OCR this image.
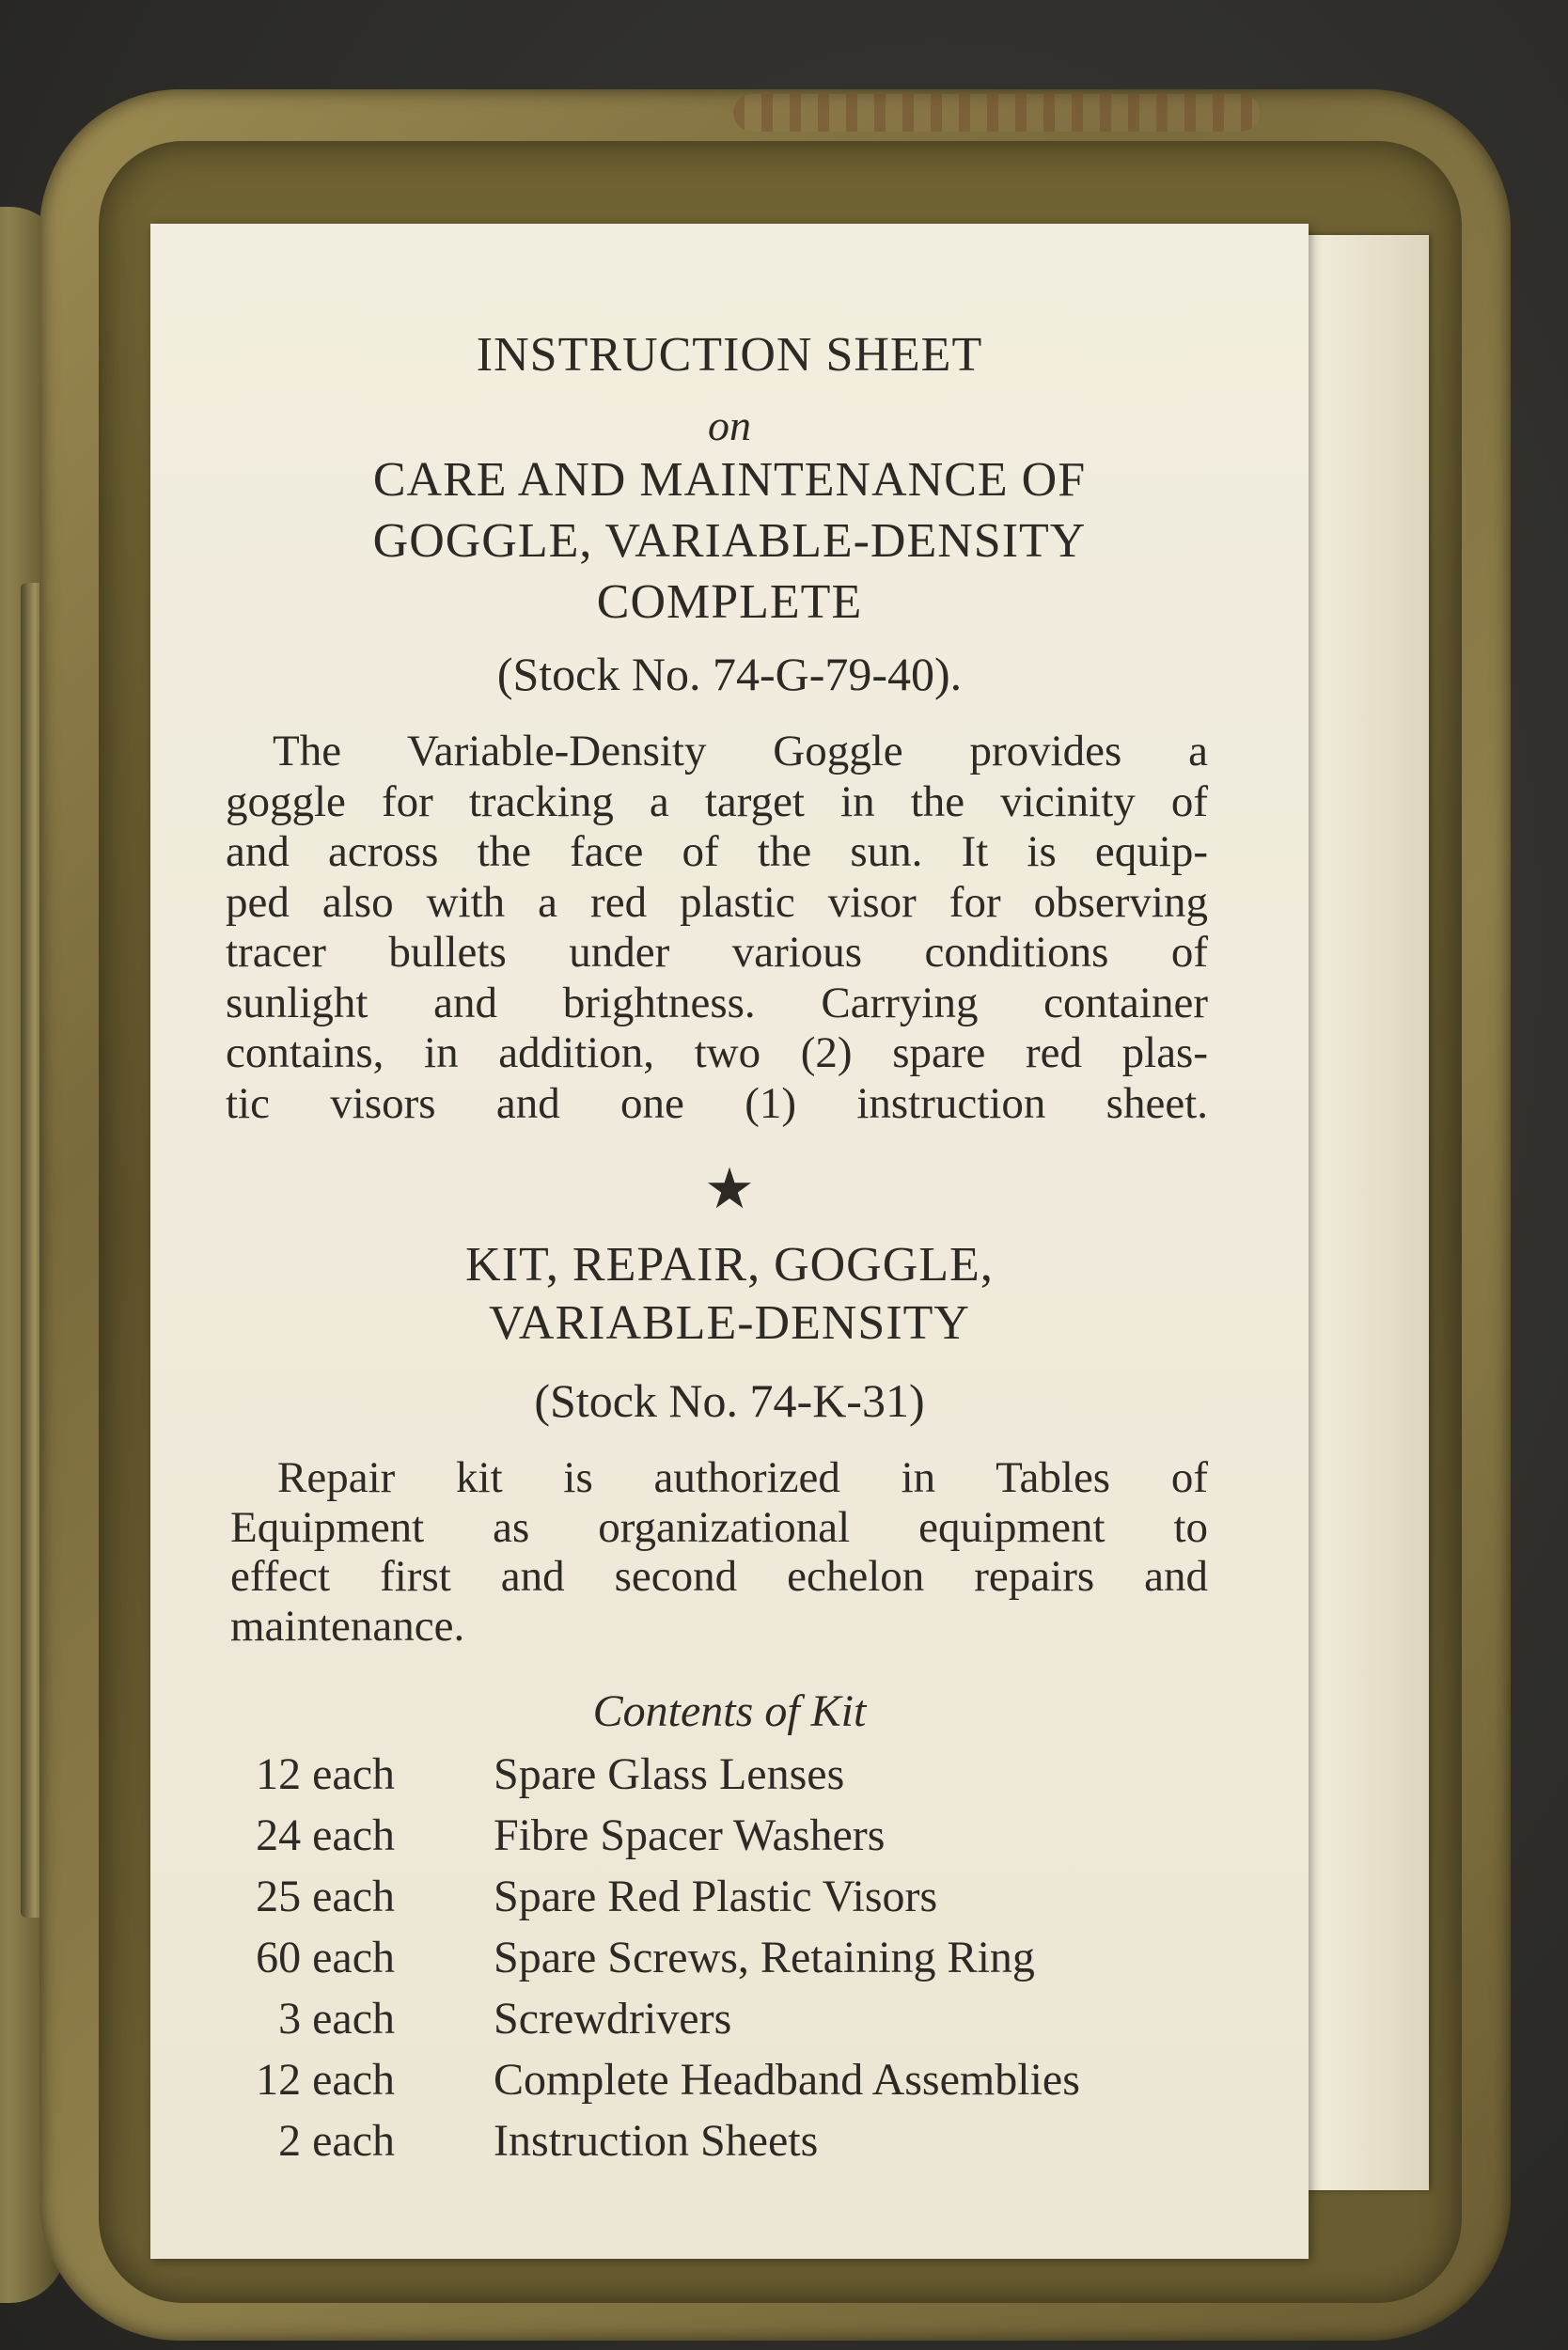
INSTRUCTION SHEET
on
CARE AND MAINTENANCE OF
GOGGLE, VARIABLE-DENSITY
COMPLETE
(Stock No. 74-G-79-40).
The Variable-Density Goggle provides a
goggle for tracking a target in the vicinity of
and across the face of the sun. It is equip-
ped also with a red plastic visor for observing
tracer bullets under various conditions of
sunlight and brightness. Carrying container
contains, in addition, two (2) spare red plas-
tic visors and one (1) instruction sheet.
★
KIT, REPAIR, GOGGLE,
VARIABLE-DENSITY
(Stock No. 74-K-31)
Repair kit is authorized in Tables of
Equipment as organizational equipment to
effect first and second echelon repairs and
maintenance.
Contents of Kit
12 each Spare Glass Lenses
24 each Fibre Spacer Washers
25 each Spare Red Plastic Visors
60 each Spare Screws, Retaining Ring
3 each Screwdrivers
12 each Complete Headband Assemblies
2 each Instruction Sheets
